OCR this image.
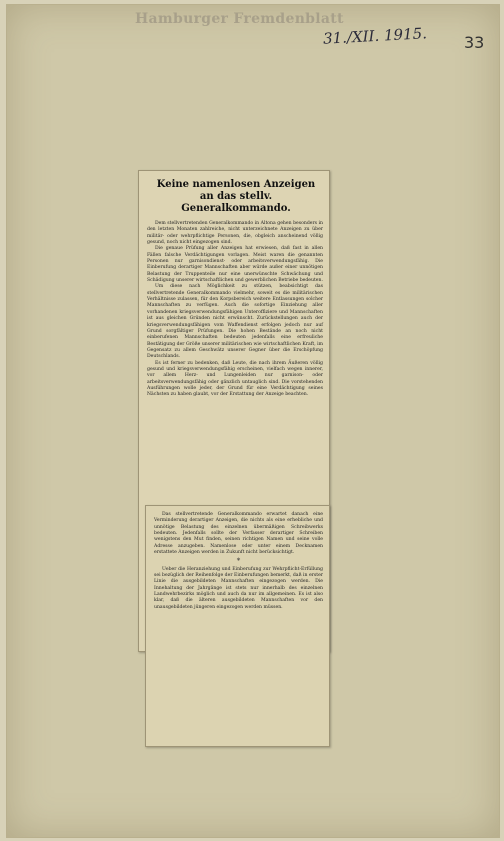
Hamburger Fremdenblatt
31./XII. 1915. 33
Keine namenlosen Anzeigen an das stellv. Generalkommando.

Dem stellvertretenden Generalkommando in Altona gehen besonders in den letzten Monaten zahlreiche, nicht unterzeichnete Anzeigen zu über militär- oder wehrpflichtige Personen, die, obgleich anscheinend völlig gesund, noch nicht eingezogen sind.

Die genaue Prüfung aller Anzeigen hat erwiesen, daß fast in allen Fällen falsche Verdächtigungen vorlagen. Meist waren die genannten Personen nur garnisondienst- oder arbeitsverwendungsfähig. Die Einberufung derartiger Mannschaften aber würde außer einer unnötigen Belastung der Truppenteile nur eine unerwünschte Schwächung und Schädigung unserer wirtschaftlichen und gewerblichen Betriebe bedeuten.

Um diese nach Möglichkeit zu stützen, beabsichtigt das stellvertretende Generalkommando vielmehr, soweit es die militärischen Verhältnisse zulassen, für den Korpsbereich weitere Entlassungen solcher Mannschaften zu verfügen. Auch die sofortige Einziehung aller vorhandenen kriegsverwendungsfähigen Unteroffiziere und Mannschaften ist aus gleichen Gründen nicht erwünscht. Zurückstellungen auch der kriegsverwendungsfähigen vom Waffendienst erfolgen jedoch nur auf Grund sorgfältiger Prüfungen. Die hohen Bestände an noch nicht einberufenen Mannschaften bedeuten jedenfalls eine erfreuliche Bestätigung der Größe unserer militärischen wie wirtschaftlichen Kraft, im Gegensatz zu allem Geschwätz unserer Gegner über die Erschöpfung Deutschlands.

Es ist ferner zu bedenken, daß Leute, die nach ihrem Äußeren völlig gesund und kriegsverwendungsfähig erscheinen, vielfach wegen innerer, vor allem Herz- und Lungenleiden nur garnison- oder arbeitsverwendungsfähig oder gänzlich untauglich sind. Die vorstehenden Ausführungen wolle jeder, der Grund für eine Verdächtigung seines Nächsten zu haben glaubt, vor der Erstattung der Anzeige beachten.

Das stellvertretende Generalkommando erwartet danach eine Verminderung derartiger Anzeigen, die nichts als eine erhebliche und unnötige Belastung des einzelnen übermäßigen Schreibwerks bedeuten. Jedenfalls sollte der Verfasser derartiger Schreiben wenigstens den Mut finden, seinen richtigen Namen und seine volle Adresse anzugeben. Namenlose oder unter einem Decknamen erstattete Anzeigen werden in Zukunft nicht berücksichtigt.

*

Ueber die Heranziehung und Einberufung zur Wehrpflicht-Erfüllung sei bezüglich der Reihenfolge der Einberufungen bemerkt, daß in erster Linie die ausgebildeten Mannschaften eingezogen werden. Die Innehaltung der Jahrgänge ist stets nur innerhalb des einzelnen Landwehrbezirks möglich und auch da nur im allgemeinen. Es ist also klar, daß die älteren ausgebildeten Mannschaften vor den unausgebildeten jüngeren eingezogen werden müssen.
